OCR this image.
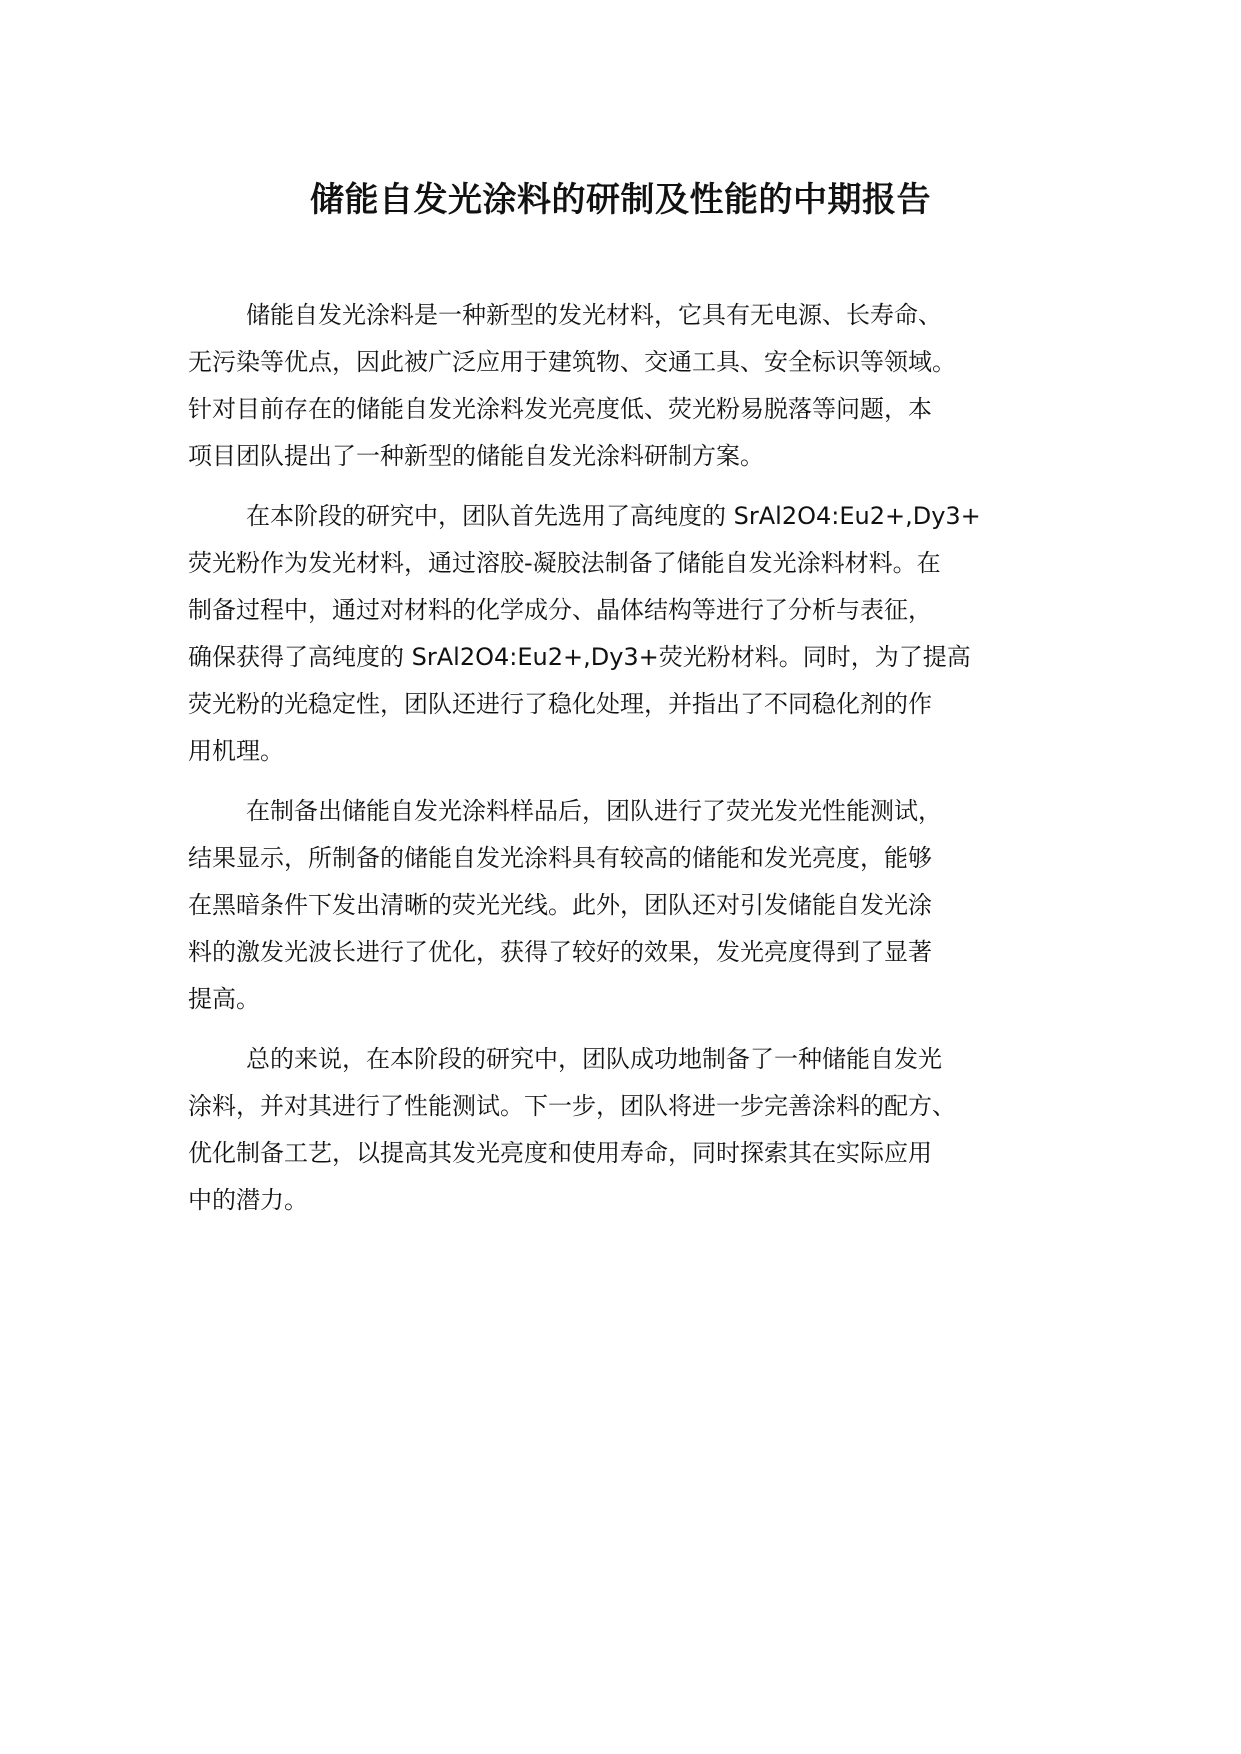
储能自发光涂料的研制及性能的中期报告

储能自发光涂料是一种新型的发光材料，它具有无电源、长寿命、
无污染等优点，因此被广泛应用于建筑物、交通工具、安全标识等领域。
针对目前存在的储能自发光涂料发光亮度低、荧光粉易脱落等问题，本
项目团队提出了一种新型的储能自发光涂料研制方案。

在本阶段的研究中，团队首先选用了高纯度的 SrAl2O4:Eu2+,Dy3+
荧光粉作为发光材料，通过溶胶-凝胶法制备了储能自发光涂料材料。在
制备过程中，通过对材料的化学成分、晶体结构等进行了分析与表征，
确保获得了高纯度的 SrAl2O4:Eu2+,Dy3+荧光粉材料。同时，为了提高
荧光粉的光稳定性，团队还进行了稳化处理，并指出了不同稳化剂的作
用机理。

在制备出储能自发光涂料样品后，团队进行了荧光发光性能测试，
结果显示，所制备的储能自发光涂料具有较高的储能和发光亮度，能够
在黑暗条件下发出清晰的荧光光线。此外，团队还对引发储能自发光涂
料的激发光波长进行了优化，获得了较好的效果，发光亮度得到了显著
提高。

总的来说，在本阶段的研究中，团队成功地制备了一种储能自发光
涂料，并对其进行了性能测试。下一步，团队将进一步完善涂料的配方、
优化制备工艺，以提高其发光亮度和使用寿命，同时探索其在实际应用
中的潜力。
